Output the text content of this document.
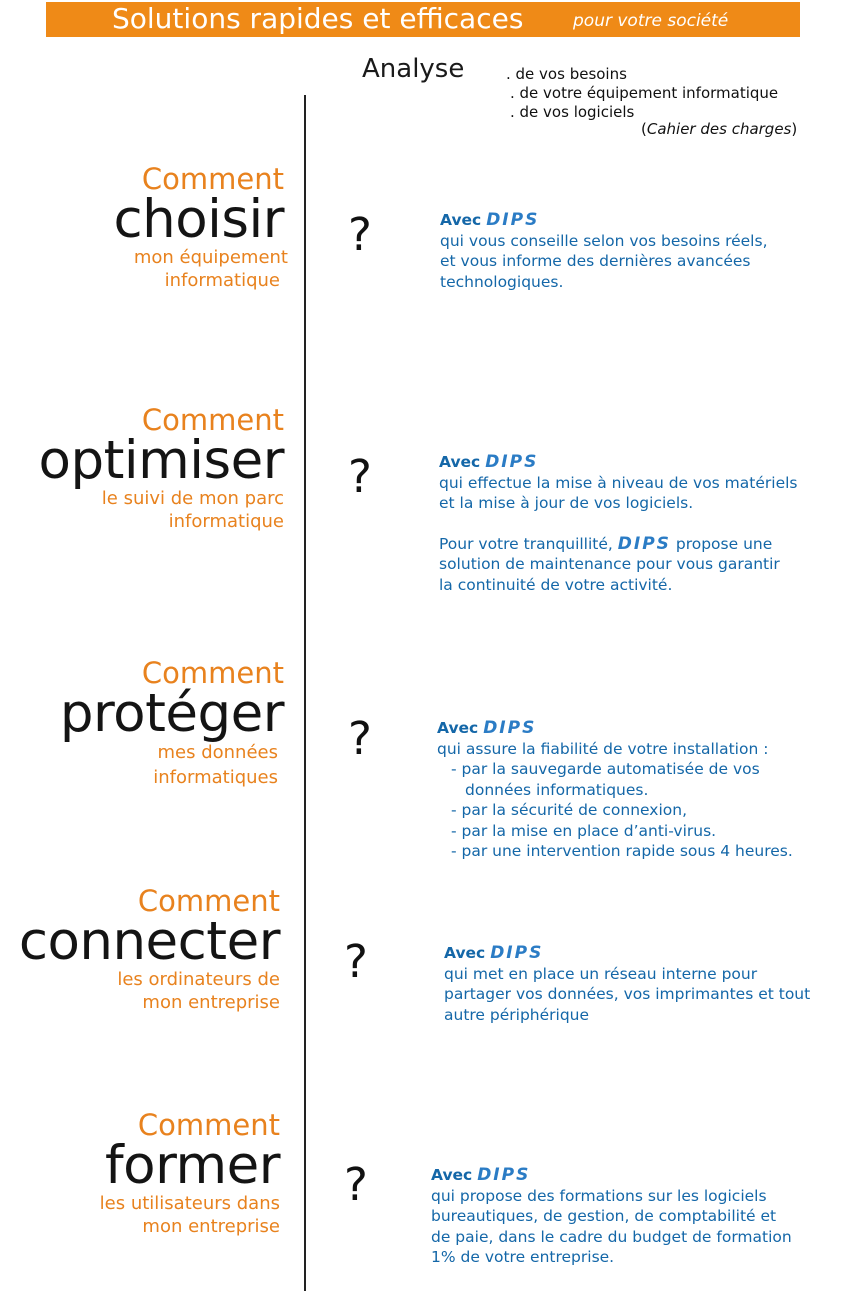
Solutions rapides et efficaces	pour votre société
Analyse	. de vos besoins
. de votre équipement informatique
. de vos logiciels
(Cahier des charges)
Comment
choisir
mon équipement
informatique
?	Avec DIPS
qui vous conseille selon vos besoins réels,
et vous informe des dernières avancées
technologiques.
Comment
optimiser
le suivi de mon parc
informatique
?	Avec DIPS
qui effectue la mise à niveau de vos matériels
et la mise à jour de vos logiciels.
Pour votre tranquillité, DIPS propose une
solution de maintenance pour vous garantir
la continuité de votre activité.
Comment
protéger
mes données
informatiques
?	Avec DIPS
qui assure la fiabilité de votre installation :
- par la sauvegarde automatisée de vos
données informatiques.
- par la sécurité de connexion,
- par la mise en place d’anti-virus.
- par une intervention rapide sous 4 heures.
Comment
connecter
les ordinateurs de
mon entreprise
?	Avec DIPS
qui met en place un réseau interne pour
partager vos données, vos imprimantes et tout
autre périphérique
Comment
former
les utilisateurs dans
mon entreprise
?	Avec DIPS
qui propose des formations sur les logiciels
bureautiques, de gestion, de comptabilité et
de paie, dans le cadre du budget de formation
1% de votre entreprise.
